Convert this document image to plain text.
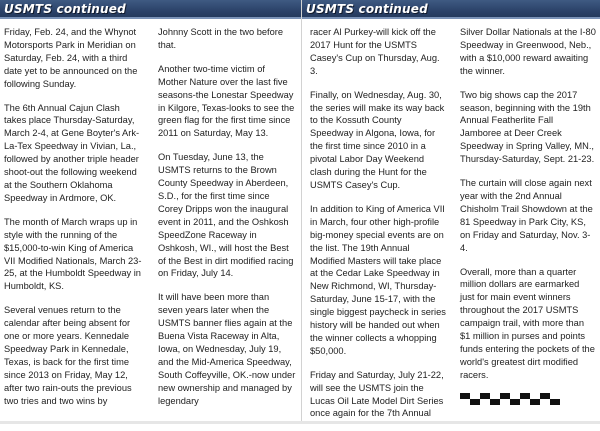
USMTS continued

Friday, Feb. 24, and the Whynot Motorsports Park in Meridian on Saturday, Feb. 24, with a third date yet to be announced on the following Sunday.

The 6th Annual Cajun Clash takes place Thursday-Saturday, March 2-4, at Gene Boyter's Ark-La-Tex Speedway in Vivian, La., followed by another triple header shoot-out the following weekend at the Southern Oklahoma Speedway in Ardmore, OK.

The month of March wraps up in style with the running of the $15,000-to-win King of America VII Modified Nationals, March 23-25, at the Humboldt Speedway in Humboldt, KS.

Several venues return to the calendar after being absent for one or more years. Kennedale Speedway Park in Kennedale, Texas, is back for the first time since 2013 on Friday, May 12, after two rain-outs the previous two tries and two wins by

Johnny Scott in the two before that.

Another two-time victim of Mother Nature over the last five seasons-the Lonestar Speedway in Kilgore, Texas-looks to see the green flag for the first time since 2011 on Saturday, May 13.

On Tuesday, June 13, the USMTS returns to the Brown County Speedway in Aberdeen, S.D., for the first time since Corey Dripps won the inaugural event in 2011, and the Oshkosh SpeedZone Raceway in Oshkosh, WI., will host the Best of the Best in dirt modified racing on Friday, July 14.

It will have been more than seven years later when the USMTS banner flies again at the Buena Vista Raceway in Alta, Iowa, on Wednesday, July 19, and the Mid-America Speedway, South Coffeyville, OK.-now under new ownership and managed by legendary

USMTS continued

racer Al Purkey-will kick off the 2017 Hunt for the USMTS Casey's Cup on Thursday, Aug. 3.

Finally, on Wednesday, Aug. 30, the series will make its way back to the Kossuth County Speedway in Algona, Iowa, for the first time since 2010 in a pivotal Labor Day Weekend clash during the Hunt for the USMTS Casey's Cup.

In addition to King of America VII in March, four other high-profile big-money special events are on the list. The 19th Annual Modified Masters will take place at the Cedar Lake Speedway in New Richmond, WI, Thursday-Saturday, June 15-17, with the single biggest paycheck in series history will be handed out when the winner collects a whopping $50,000.

Friday and Saturday, July 21-22, will see the USMTS join the Lucas Oil Late Model Dirt Series once again for the 7th Annual

Silver Dollar Nationals at the I-80 Speedway in Greenwood, Neb., with a $10,000 reward awaiting the winner.

Two big shows cap the 2017 season, beginning with the 19th Annual Featherlite Fall Jamboree at Deer Creek Speedway in Spring Valley, MN., Thursday-Saturday, Sept. 21-23.

The curtain will close again next year with the 2nd Annual Chisholm Trail Showdown at the 81 Speedway in Park City, KS, on Friday and Saturday, Nov. 3-4.

Overall, more than a quarter million dollars are earmarked just for main event winners throughout the 2017 USMTS campaign trail, with more than $1 million in purses and points funds entering the pockets of the world's greatest dirt modified racers.
